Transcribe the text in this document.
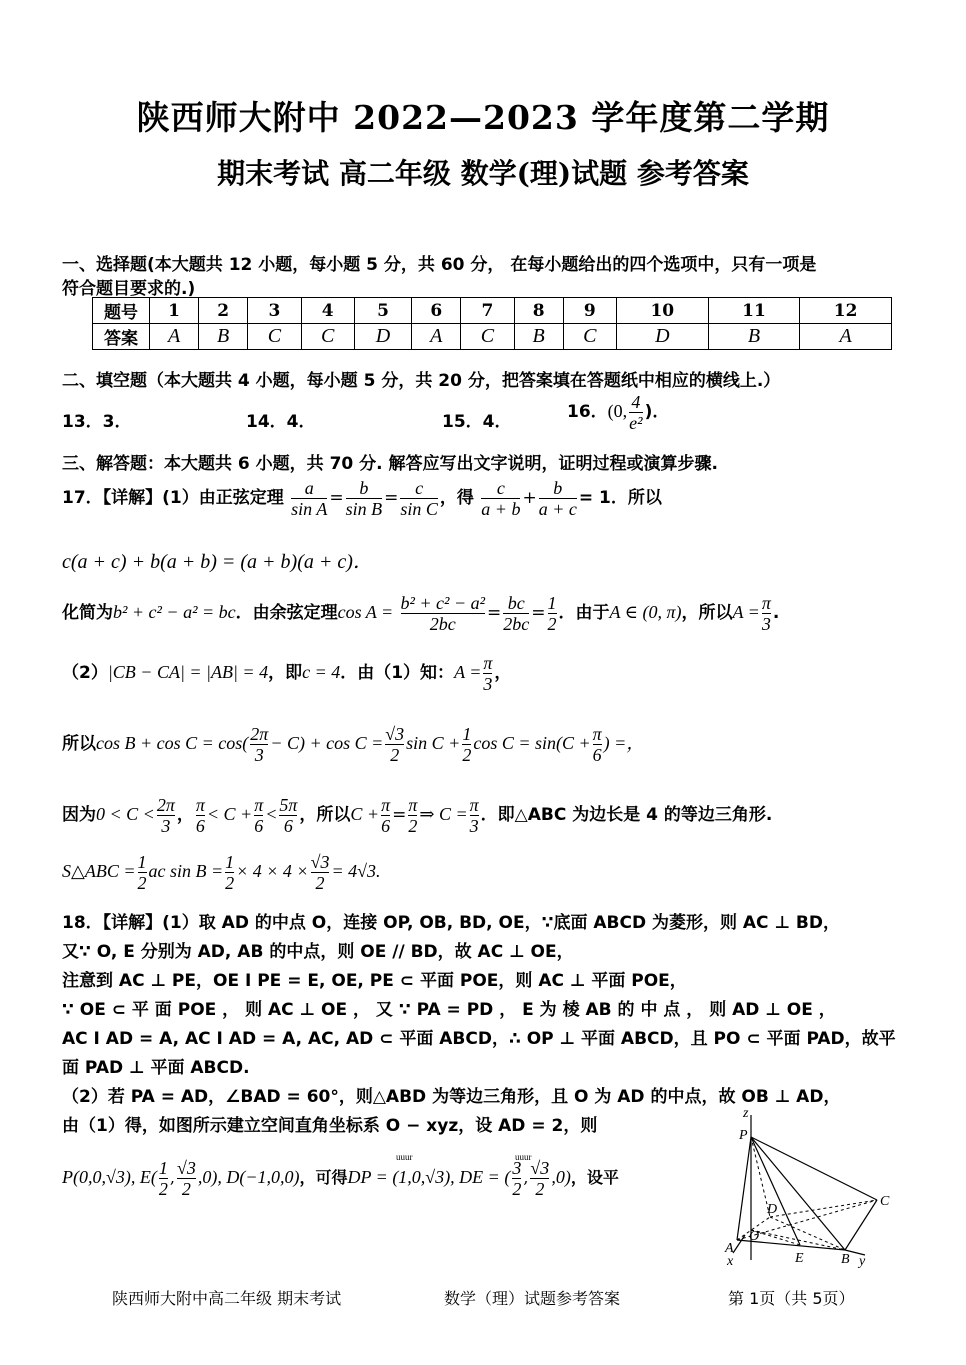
陕西师大附中 2022—2023 学年度第二学期
期末考试 高二年级 数学(理)试题 参考答案
一、选择题(本大题共 12 小题，每小题 5 分，共 60 分， 在每小题给出的四个选项中，只有一项是
符合题目要求的.)
题号	1	2	3	4	5	6	7	8	9	10	11	12
答案	A	B	C	C	D	A	C	B	C	D	B	A
二、填空题（本大题共 4 小题，每小题 5 分，共 20 分，把答案填在答题纸中相应的横线上.）
13．3．	14．4．	15．4．	16．(0, $\frac{4}{\text{e²}}$ )．
三、解答题：本大题共 6 小题，共 70 分. 解答应写出文字说明，证明过程或演算步骤.
17．【详解】(1）由正弦定理 $\frac{a}{\text{sin A}} = \frac{b}{\text{sin B}} = \frac{c}{\text{sin C}}$ ，得 $\frac{c}{a + b} + \frac{b}{a + c} = 1$．所以
c(a + c) + b(a + b) = (a + b)(a + c)．
化简为b² + c² − a² = bc．由余弦定理$\cos A = \frac{\text{b² + c² − a²}}{2bc} = \frac{bc}{2bc} = \frac{1}{2}$ ．由于A ∈ (0, π)，所以$A = \frac{\pi}{3}$ .
（2）|CB − CA| = |AB| = 4，即c = 4．由（1）知：$A = \frac{\pi}{3}$ ，
所以$\cos B + \cos C = \cos( \frac{2\pi}{3} - C) + \cos C = \frac{√3}{2}$ $\sin C + \frac{1}{2}$ $\cos C = \sin(C + \frac{\pi}{6}$ ) =，
因为$0 < C < \frac{2\pi}{3}$ ， $\frac{\pi}{6} < C + \frac{\pi}{6} < \frac{5\pi}{6}$ ，所以$C + \frac{\pi}{6} = \frac{\pi}{2}$ ⇒ $C = \frac{\pi}{3}$ ．即△ABC 为边长是 4 的等边三角形.
S△ABC = $\frac{1}{2}$ ac $\sin B = \frac{1}{2} \times 4 \times 4 \times \frac{√3}{2} = 4√3$.
18．【详解】(1）取 AD 的中点 O，连接 OP, OB, BD, OE，∵底面 ABCD 为菱形，则 AC ⊥ BD，
又∵ O, E 分别为 AD, AB 的中点，则 OE // BD，故 AC ⊥ OE，
注意到 AC ⊥ PE，OE I PE = E, OE, PE ⊂ 平面 POE，则 AC ⊥ 平面 POE，
∵ OE ⊂ 平 面 POE ， 则 AC ⊥ OE ， 又 ∵ PA = PD ， E 为 棱 AB 的 中 点 ， 则 AD ⊥ OE ，
AC I AD = A, AC I AD = A, AC, AD ⊂ 平面 ABCD，∴ OP ⊥ 平面 ABCD，且 PO ⊂ 平面 PAD，故平
面 PAD ⊥ 平面 ABCD.
（2）若 PA = AD，∠BAD = 60°，则△ABD 为等边三角形，且 O 为 AD 的中点，故 OB ⊥ AD，
由（1）得，如图所示建立空间直角坐标系 O − xyz，设 AD = 2，则
P(0,0,√3), $E( \frac{1}{2}$ , $\frac{√3}{2} ,0$), D(−1,0,0)，可得DP = (1,0,√3), DE = ( $\frac{3}{2}$ , $\frac{√3}{2} ,0$)，设平
uuur	uuur
z
P
C
D
O
A
x	E	B y
陕西师大附中高二年级 期末考试	数学（理）试题参考答案	第 1页（共 5页）
